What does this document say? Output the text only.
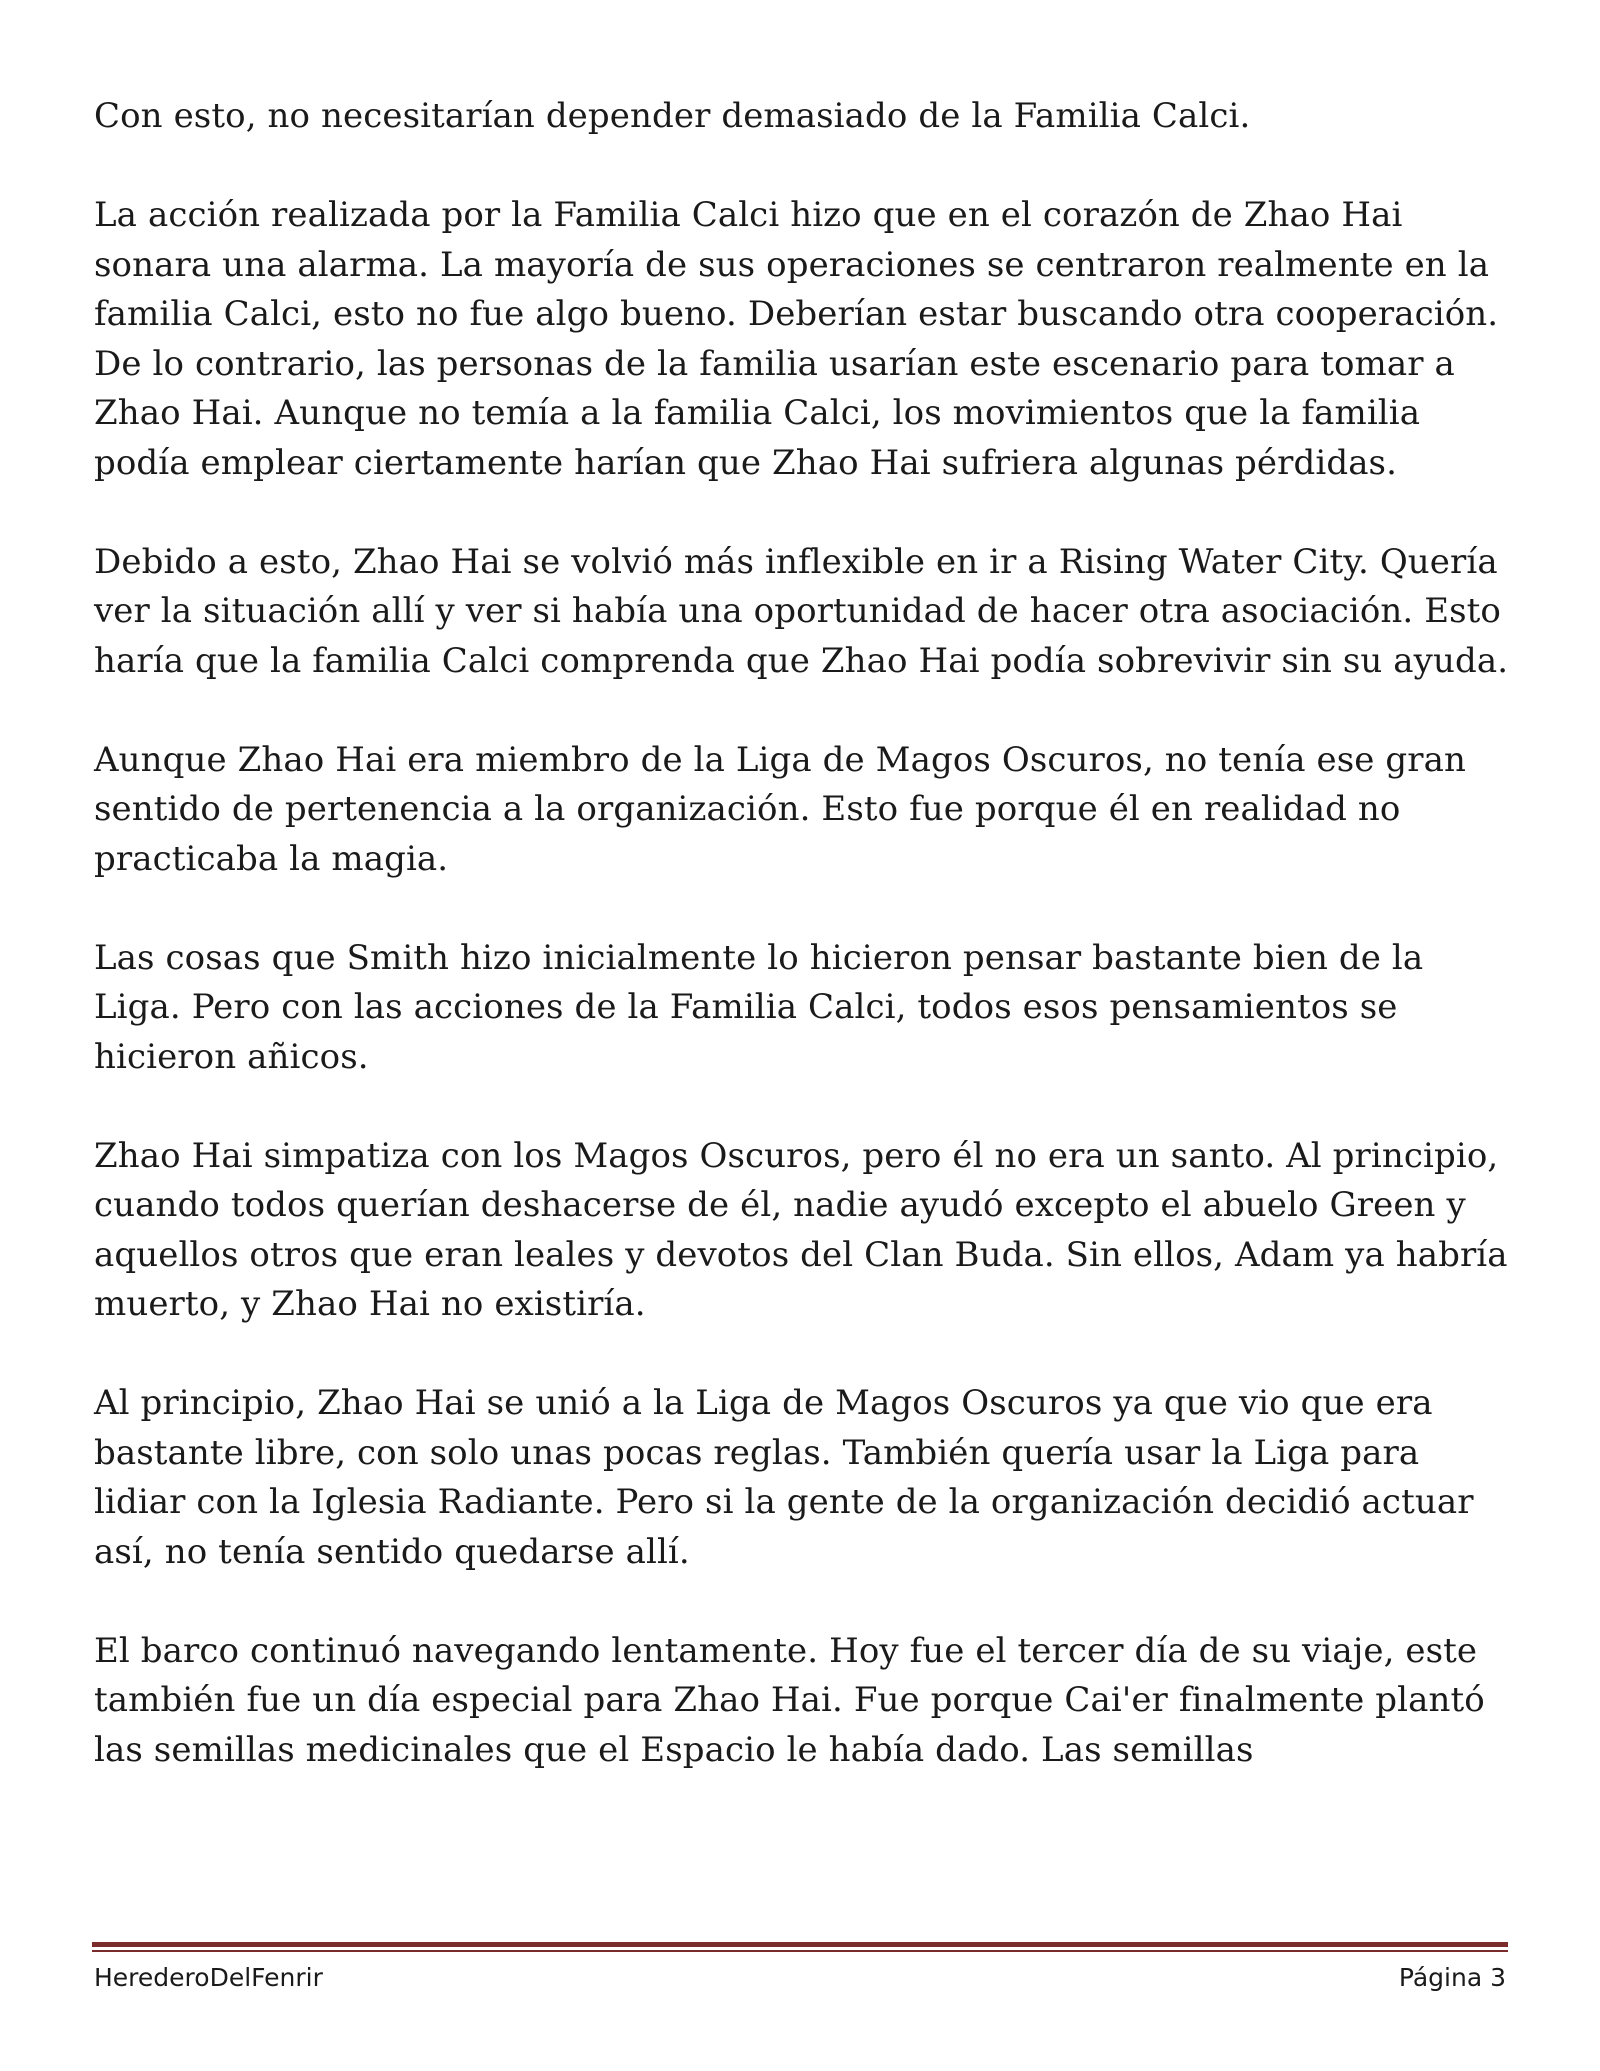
Con esto, no necesitarían depender demasiado de la Familia Calci.

La acción realizada por la Familia Calci hizo que en el corazón de Zhao Hai sonara una alarma. La mayoría de sus operaciones se centraron realmente en la familia Calci, esto no fue algo bueno. Deberían estar buscando otra cooperación. De lo contrario, las personas de la familia usarían este escenario para tomar a Zhao Hai. Aunque no temía a la familia Calci, los movimientos que la familia podía emplear ciertamente harían que Zhao Hai sufriera algunas pérdidas.

Debido a esto, Zhao Hai se volvió más inflexible en ir a Rising Water City. Quería ver la situación allí y ver si había una oportunidad de hacer otra asociación. Esto haría que la familia Calci comprenda que Zhao Hai podía sobrevivir sin su ayuda.

Aunque Zhao Hai era miembro de la Liga de Magos Oscuros, no tenía ese gran sentido de pertenencia a la organización. Esto fue porque él en realidad no practicaba la magia.

Las cosas que Smith hizo inicialmente lo hicieron pensar bastante bien de la Liga. Pero con las acciones de la Familia Calci, todos esos pensamientos se hicieron añicos.

Zhao Hai simpatiza con los Magos Oscuros, pero él no era un santo. Al principio, cuando todos querían deshacerse de él, nadie ayudó excepto el abuelo Green y aquellos otros que eran leales y devotos del Clan Buda. Sin ellos, Adam ya habría muerto, y Zhao Hai no existiría.

Al principio, Zhao Hai se unió a la Liga de Magos Oscuros ya que vio que era bastante libre, con solo unas pocas reglas. También quería usar la Liga para lidiar con la Iglesia Radiante. Pero si la gente de la organización decidió actuar así, no tenía sentido quedarse allí.

El barco continuó navegando lentamente. Hoy fue el tercer día de su viaje, este también fue un día especial para Zhao Hai. Fue porque Cai'er finalmente plantó las semillas medicinales que el Espacio le había dado. Las semillas

HerederoDelFenrir	Página 3
